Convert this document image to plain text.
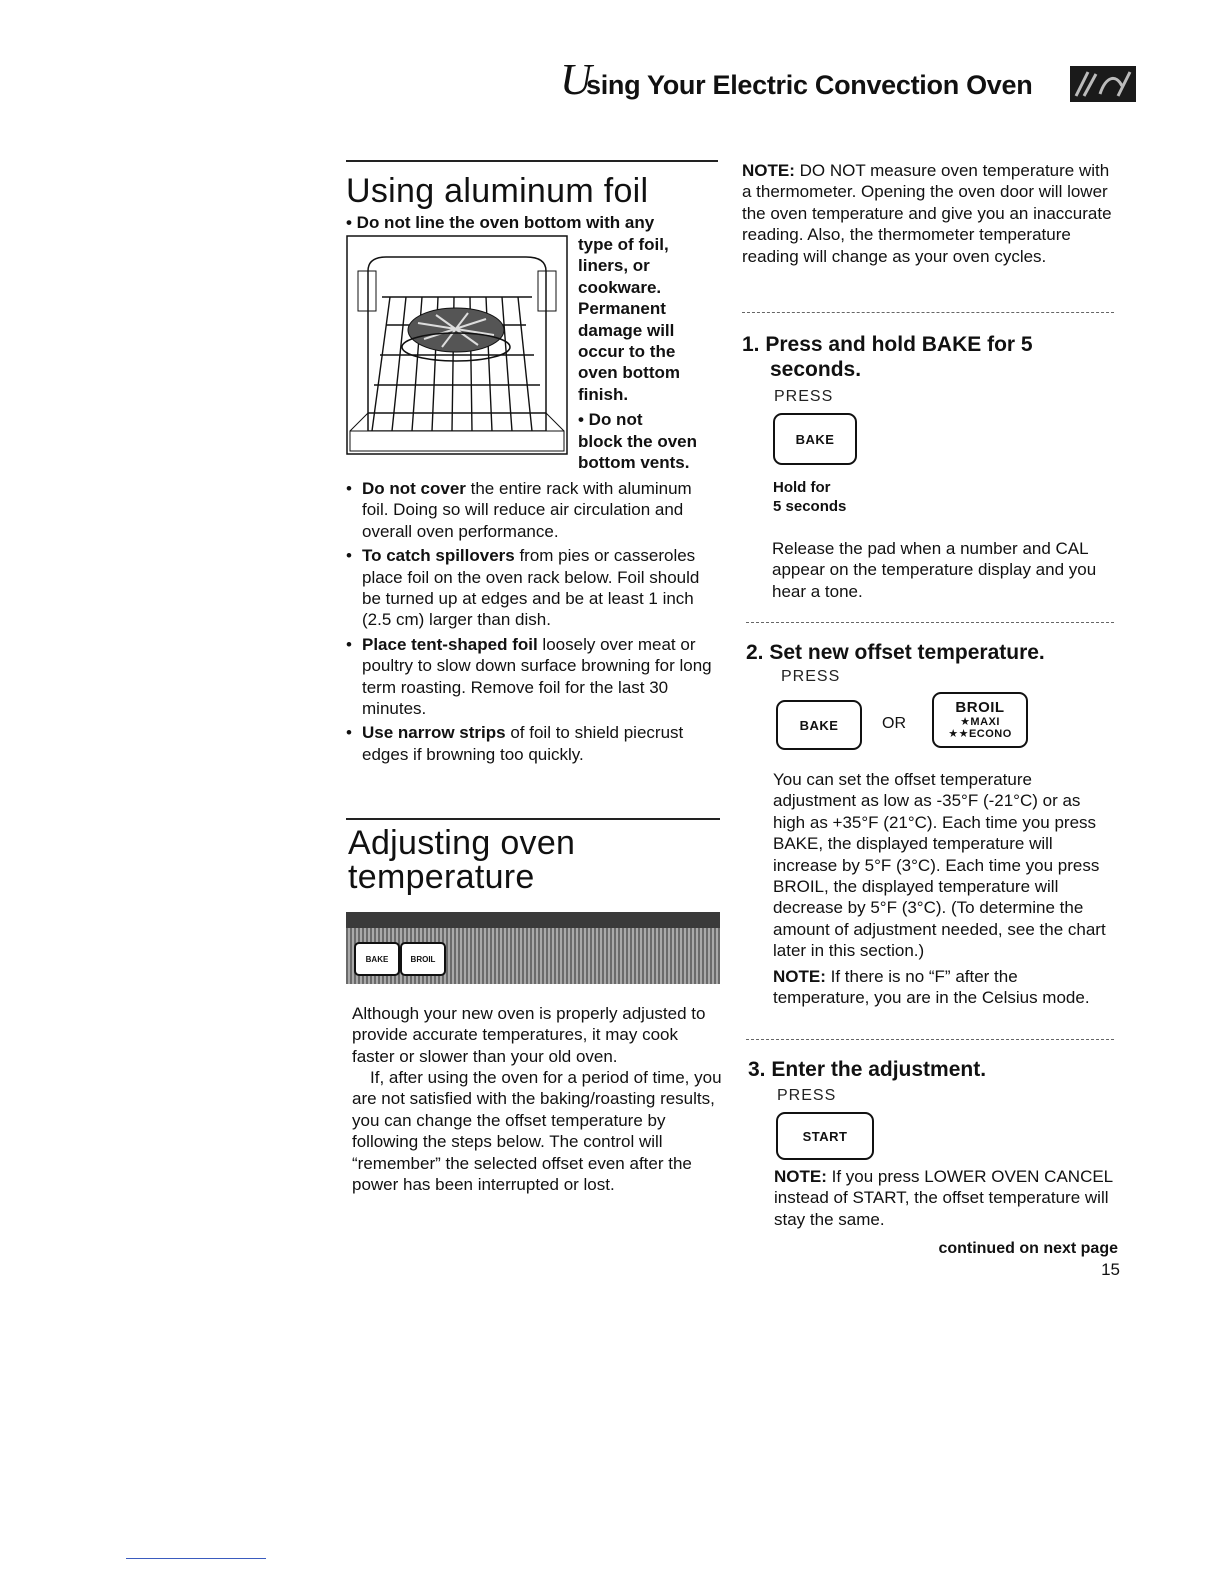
U
sing Your Electric Convection Oven
Using aluminum foil
• Do not line the oven bottom with any
type of foil,
liners, or
cookware.
Permanent
damage will
occur to the
oven bottom
finish.
• Do not
block the oven
bottom vents.
• Do not cover the entire rack with aluminum foil. Doing so will reduce air circulation and overall oven performance.
• To catch spillovers from pies or casseroles place foil on the oven rack below. Foil should be turned up at edges and be at least 1 inch (2.5 cm) larger than dish.
• Place tent-shaped foil loosely over meat or poultry to slow down surface browning for long term roasting. Remove foil for the last 30 minutes.
• Use narrow strips of foil to shield piecrust edges if browning too quickly.
Adjusting oven
temperature
BAKE	BROIL
Although your new oven is properly adjusted to provide accurate temperatures, it may cook faster or slower than your old oven.
If, after using the oven for a period of time, you are not satisfied with the baking/roasting results, you can change the offset temperature by following the steps below. The control will “remember” the selected offset even after the power has been interrupted or lost.
NOTE: DO NOT measure oven temperature with a thermometer. Opening the oven door will lower the oven temperature and give you an inaccurate reading. Also, the thermometer temperature reading will change as your oven cycles.
1. Press and hold BAKE for 5
seconds.
PRESS
BAKE
Hold for
5 seconds
Release the pad when a number and CAL appear on the temperature display and you hear a tone.
2. Set new offset temperature.
PRESS
BAKE	OR
BROIL
★MAXI
★★ECONO
You can set the offset temperature adjustment as low as -35°F (-21°C) or as high as +35°F (21°C). Each time you press BAKE, the displayed temperature will increase by 5°F (3°C). Each time you press BROIL, the displayed temperature will decrease by 5°F (3°C). (To determine the amount of adjustment needed, see the chart later in this section.)
NOTE: If there is no “F” after the temperature, you are in the Celsius mode.
3. Enter the adjustment.
PRESS
START
NOTE: If you press LOWER OVEN CANCEL instead of START, the offset temperature will stay the same.
continued on next page
15
